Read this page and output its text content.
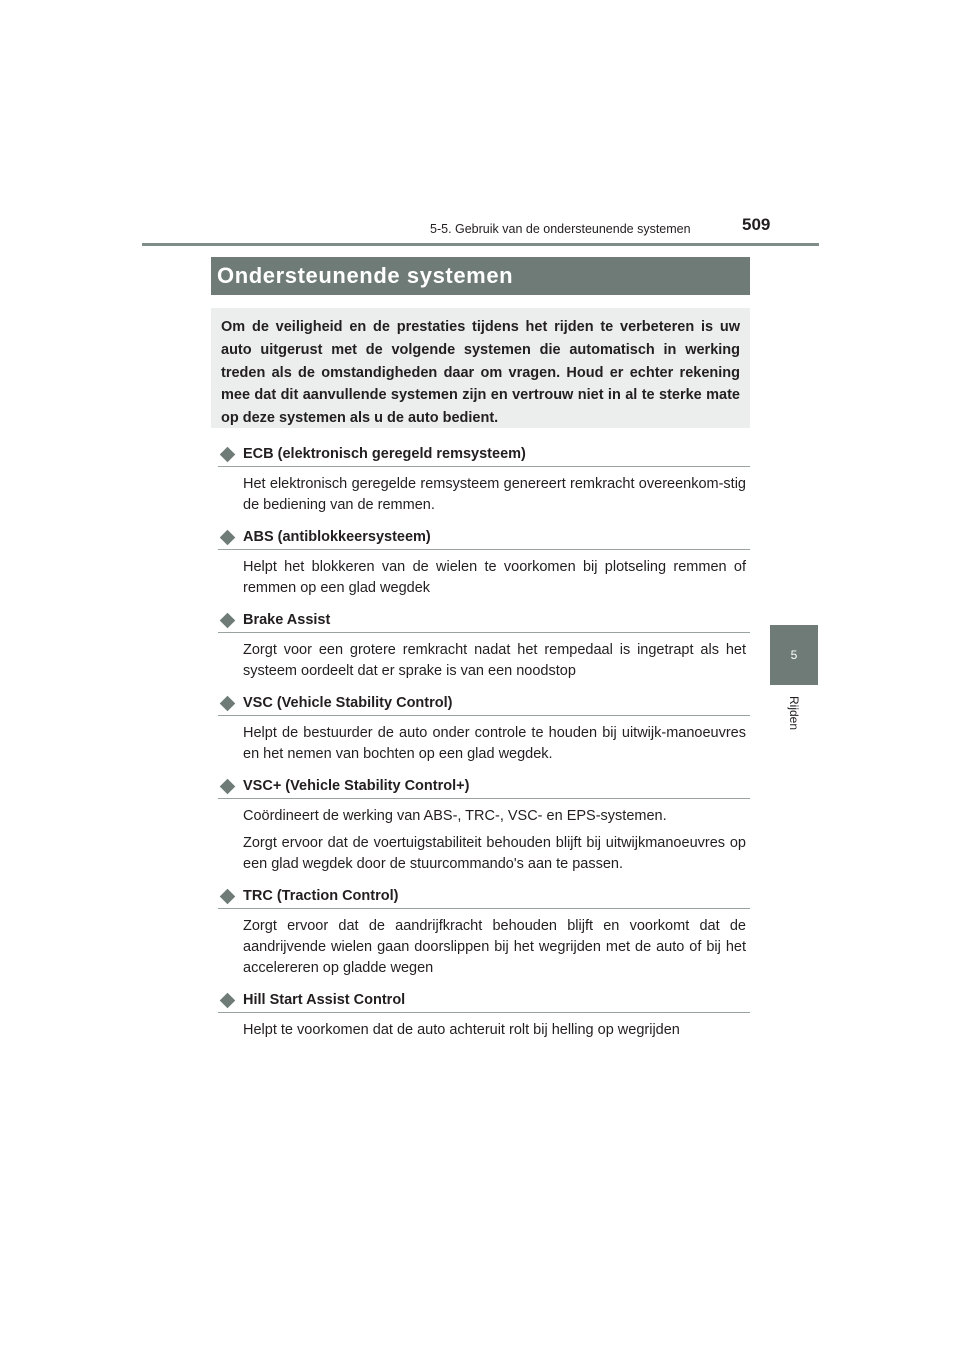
5-5. Gebruik van de ondersteunende systemen	509
5
Rijden
Ondersteunende systemen
Om de veiligheid en de prestaties tijdens het rijden te verbeteren is uw auto uitgerust met de volgende systemen die automatisch in werking treden als de omstandigheden daar om vragen. Houd er echter rekening mee dat dit aanvullende systemen zijn en vertrouw niet in al te sterke mate op deze systemen als u de auto bedient.
ECB (elektronisch geregeld remsysteem)

Het elektronisch geregelde remsysteem genereert remkracht overeenkom-stig de bediening van de remmen.

ABS (antiblokkeersysteem)

Helpt het blokkeren van de wielen te voorkomen bij plotseling remmen of remmen op een glad wegdek

Brake Assist

Zorgt voor een grotere remkracht nadat het rempedaal is ingetrapt als het systeem oordeelt dat er sprake is van een noodstop

VSC (Vehicle Stability Control)

Helpt de bestuurder de auto onder controle te houden bij uitwijk-manoeuvres en het nemen van bochten op een glad wegdek.

VSC+ (Vehicle Stability Control+)

Coördineert de werking van ABS-, TRC-, VSC- en EPS-systemen.

Zorgt ervoor dat de voertuigstabiliteit behouden blijft bij uitwijkmanoeuvres op een glad wegdek door de stuurcommando's aan te passen.

TRC (Traction Control)

Zorgt ervoor dat de aandrijfkracht behouden blijft en voorkomt dat de aandrijvende wielen gaan doorslippen bij het wegrijden met de auto of bij het accelereren op gladde wegen

Hill Start Assist Control

Helpt te voorkomen dat de auto achteruit rolt bij helling op wegrijden
